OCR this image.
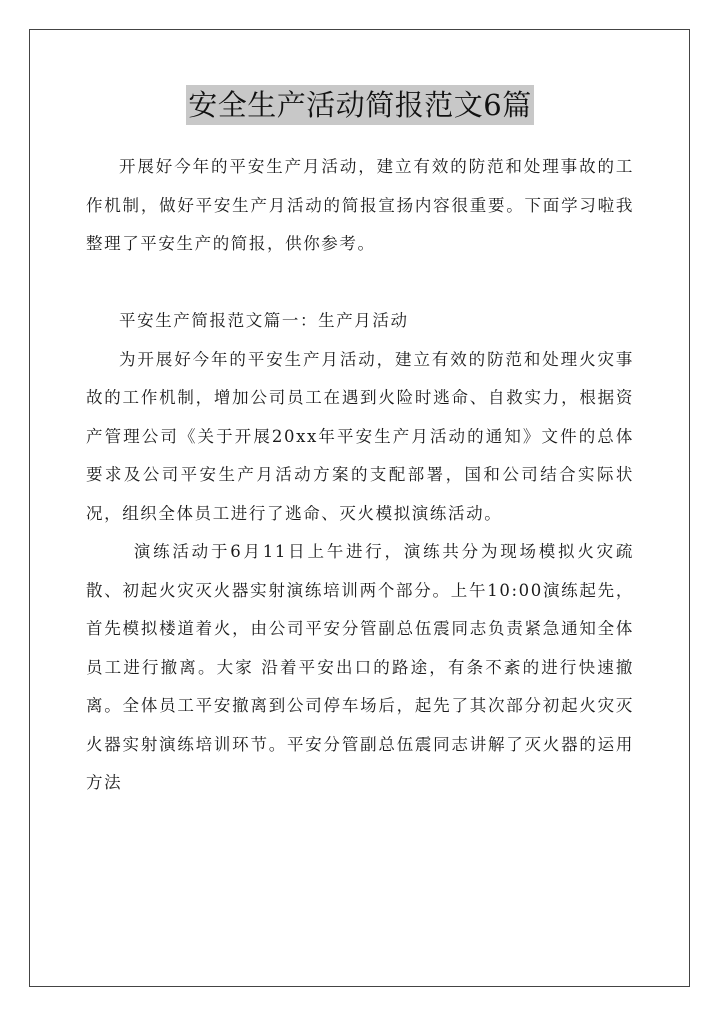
安全生产活动简报范文6篇

开展好今年的平安生产月活动，建立有效的防范和处理事故的工作机制，做好平安生产月活动的简报宣扬内容很重要。下面学习啦我整理了平安生产的简报，供你参考。

平安生产简报范文篇一：生产月活动

为开展好今年的平安生产月活动，建立有效的防范和处理火灾事故的工作机制，增加公司员工在遇到火险时逃命、自救实力，根据资产管理公司《关于开展20xx年平安生产月活动的通知》文件的总体要求及公司平安生产月活动方案的支配部署，国和公司结合实际状况，组织全体员工进行了逃命、灭火模拟演练活动。

演练活动于6月11日上午进行，演练共分为现场模拟火灾疏散、初起火灾灭火器实射演练培训两个部分。上午10:00演练起先，首先模拟楼道着火，由公司平安分管副总伍震同志负责紧急通知全体员工进行撤离。大家 沿着平安出口的路途，有条不紊的进行快速撤离。全体员工平安撤离到公司停车场后，起先了其次部分初起火灾灭火器实射演练培训环节。平安分管副总伍震同志讲解了灭火器的运用方法
